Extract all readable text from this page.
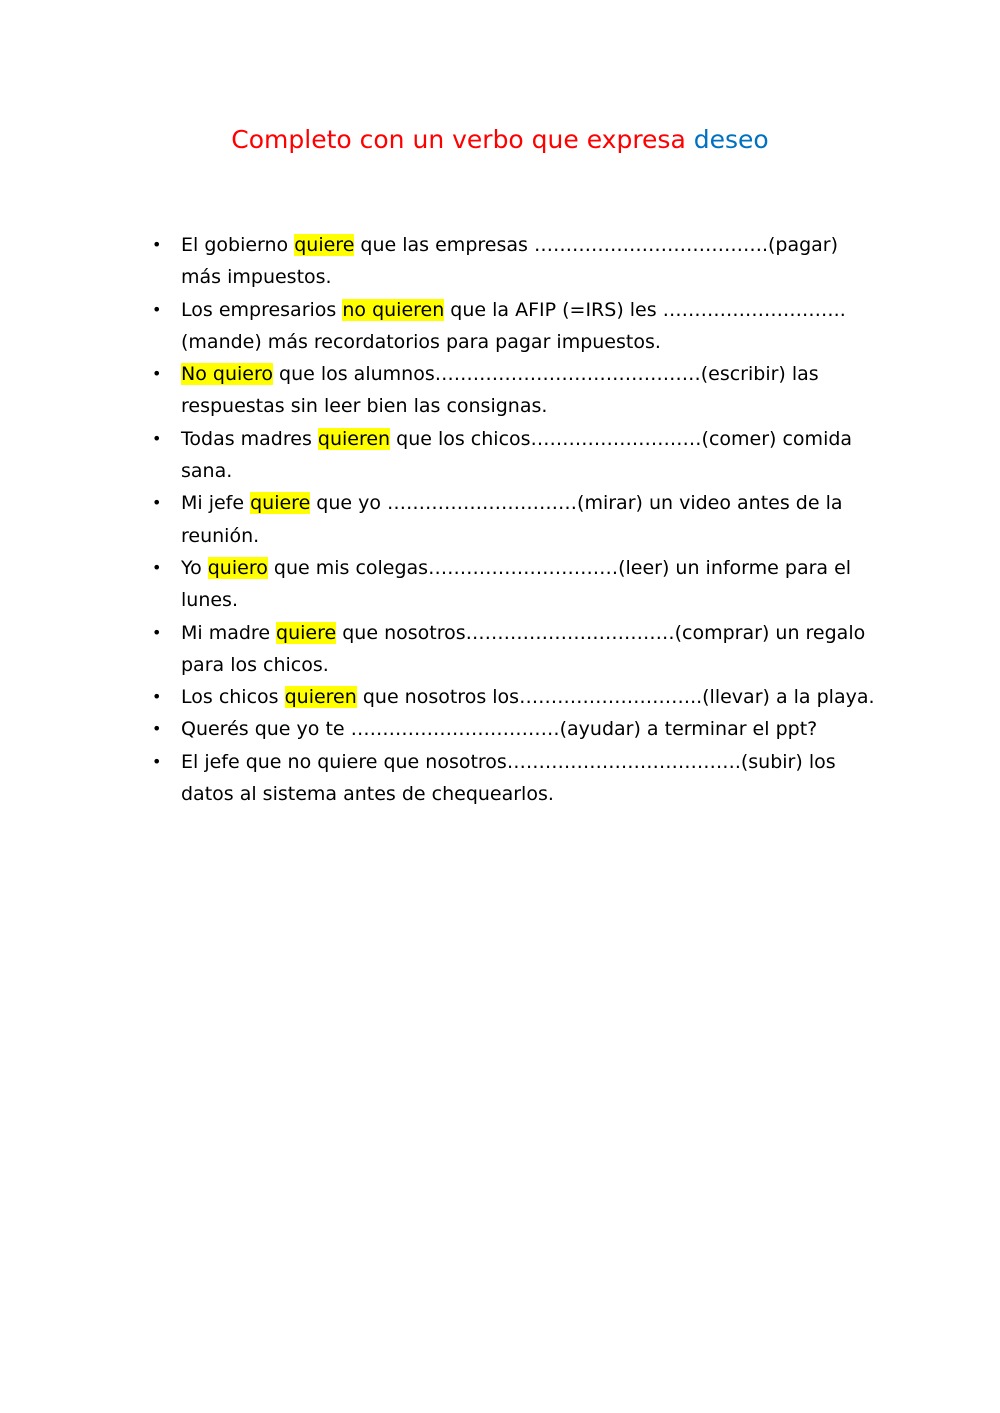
Completo con un verbo que expresa deseo
• El gobierno quiere que las empresas ……………………………….(pagar) más impuestos.
• Los empresarios no quieren que la AFIP (=IRS) les ………………………..(mande) más recordatorios para pagar impuestos.
• No quiero que los alumnos……………………………………(escribir) las respuestas sin leer bien las consignas.
• Todas madres quieren que los chicos………………………(comer) comida sana.
• Mi jefe quiere que yo …………………………(mirar) un video antes de la reunión.
• Yo quiero que mis colegas…………………………(leer) un informe para el lunes.
• Mi madre quiere que nosotros……………………………(comprar) un regalo para los chicos.
• Los chicos quieren que nosotros los………………………..(llevar) a la playa.
• Querés que yo te ……………………………(ayudar) a terminar el ppt?
• El jefe que no quiere que nosotros……………………………….(subir) los datos al sistema antes de chequearlos.
